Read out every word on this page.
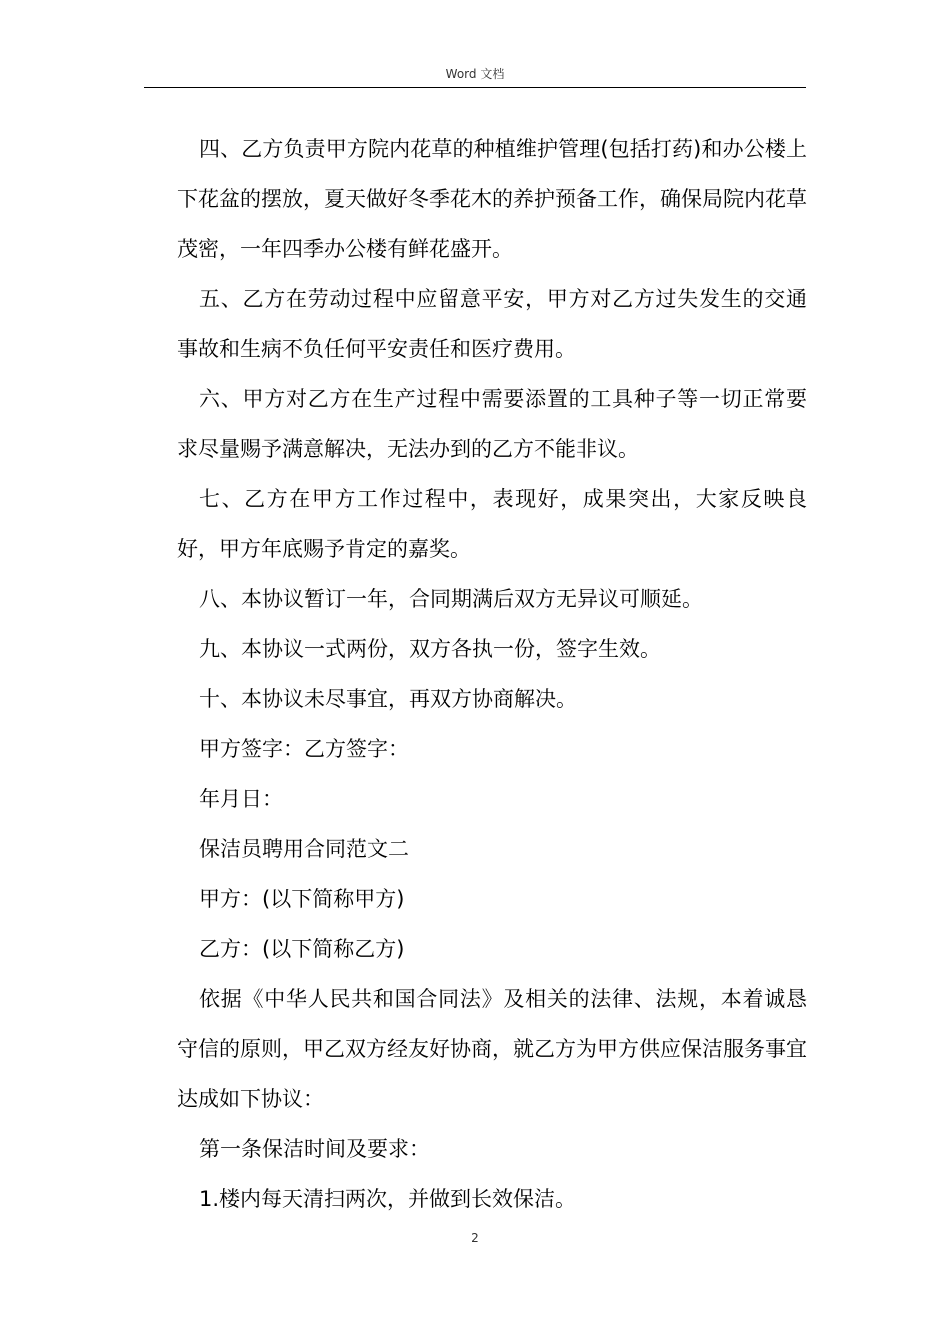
Word 文档

四、乙方负责甲方院内花草的种植维护管理(包括打药)和办公楼上下花盆的摆放，夏天做好冬季花木的养护预备工作，确保局院内花草茂密，一年四季办公楼有鲜花盛开。

五、乙方在劳动过程中应留意平安，甲方对乙方过失发生的交通事故和生病不负任何平安责任和医疗费用。

六、甲方对乙方在生产过程中需要添置的工具种子等一切正常要求尽量赐予满意解决，无法办到的乙方不能非议。

七、乙方在甲方工作过程中，表现好，成果突出，大家反映良好，甲方年底赐予肯定的嘉奖。

八、本协议暂订一年，合同期满后双方无异议可顺延。

九、本协议一式两份，双方各执一份，签字生效。

十、本协议未尽事宜，再双方协商解决。

甲方签字：乙方签字：

年月日：

保洁员聘用合同范文二

甲方：(以下简称甲方)

乙方：(以下简称乙方)

依据《中华人民共和国合同法》及相关的法律、法规，本着诚恳守信的原则，甲乙双方经友好协商，就乙方为甲方供应保洁服务事宜达成如下协议：

第一条保洁时间及要求：

1.楼内每天清扫两次，并做到长效保洁。

2
